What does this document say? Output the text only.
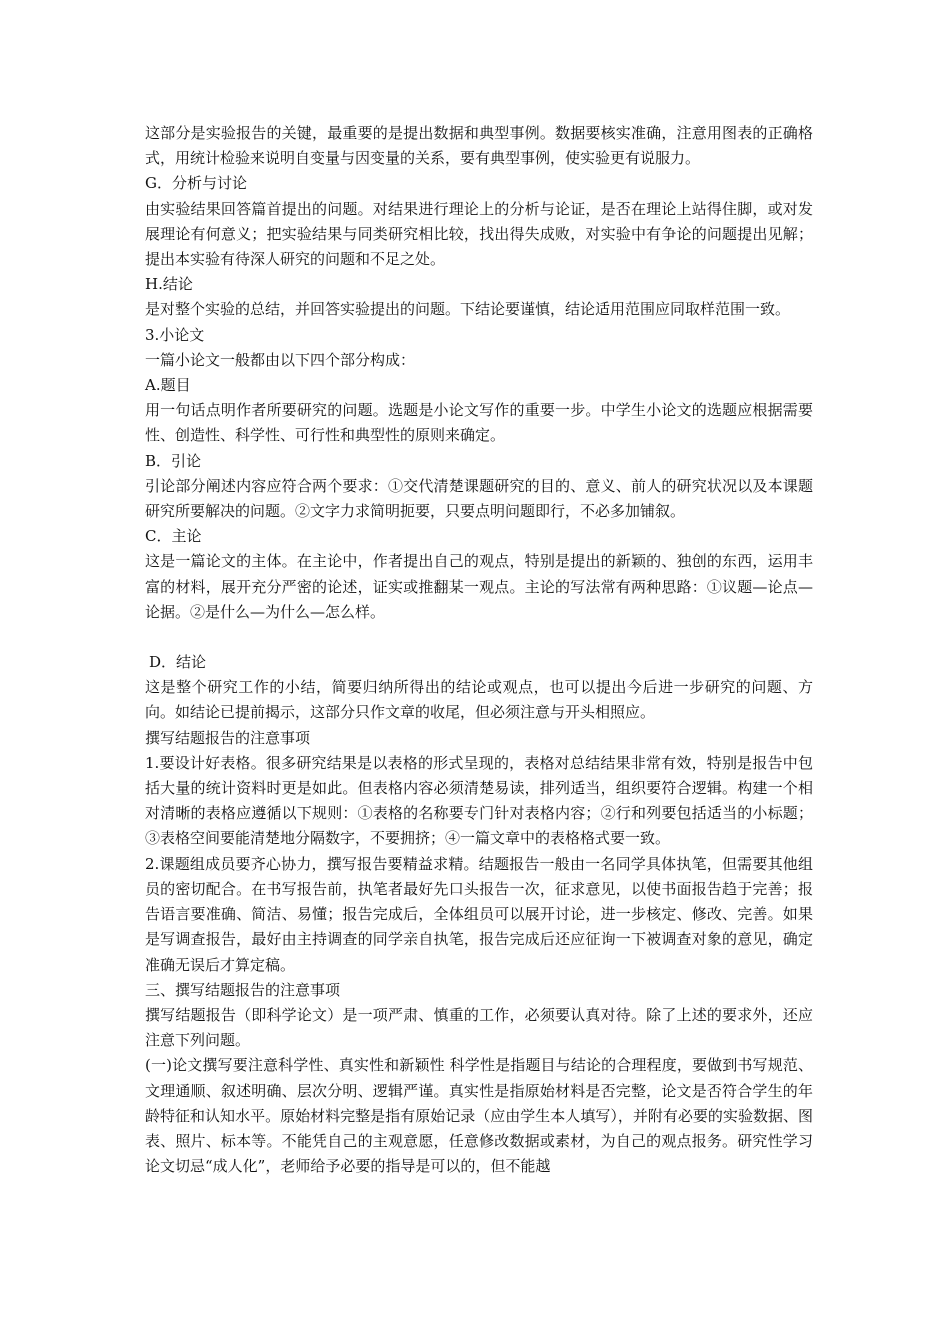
这部分是实验报告的关键，最重要的是提出数据和典型事例。数据要核实准确，注意用图表的正确格式，用统计检验来说明自变量与因变量的关系，要有典型事例，使实验更有说服力。

G．分析与讨论

由实验结果回答篇首提出的问题。对结果进行理论上的分析与论证，是否在理论上站得住脚，或对发展理论有何意义；把实验结果与同类研究相比较，找出得失成败，对实验中有争论的问题提出见解；提出本实验有待深人研究的问题和不足之处。

H.结论

是对整个实验的总结，并回答实验提出的问题。下结论要谨慎，结论适用范围应同取样范围一致。

3.小论文

一篇小论文一般都由以下四个部分构成：

A.题目

用一句话点明作者所要研究的问题。选题是小论文写作的重要一步。中学生小论文的选题应根据需要性、创造性、科学性、可行性和典型性的原则来确定。

B．引论

引论部分阐述内容应符合两个要求：①交代清楚课题研究的目的、意义、前人的研究状况以及本课题研究所要解决的问题。②文字力求简明扼要，只要点明问题即行，不必多加铺叙。

C．主论

这是一篇论文的主体。在主论中，作者提出自己的观点，特别是提出的新颖的、独创的东西，运用丰富的材料，展开充分严密的论述，证实或推翻某一观点。主论的写法常有两种思路：①议题—论点—论据。②是什么—为什么—怎么样。

D．结论

这是整个研究工作的小结，简要归纳所得出的结论或观点，也可以提出今后进一步研究的问题、方向。如结论已提前揭示，这部分只作文章的收尾，但必须注意与开头相照应。

撰写结题报告的注意事项

1.要设计好表格。很多研究结果是以表格的形式呈现的，表格对总结结果非常有效，特别是报告中包括大量的统计资料时更是如此。但表格内容必须清楚易读，排列适当，组织要符合逻辑。构建一个相对清晰的表格应遵循以下规则：①表格的名称要专门针对表格内容；②行和列要包括适当的小标题；③表格空间要能清楚地分隔数字，不要拥挤；④一篇文章中的表格格式要一致。

2.课题组成员要齐心协力，撰写报告要精益求精。结题报告一般由一名同学具体执笔，但需要其他组员的密切配合。在书写报告前，执笔者最好先口头报告一次，征求意见，以使书面报告趋于完善；报告语言要准确、简洁、易懂；报告完成后，全体组员可以展开讨论，进一步核定、修改、完善。如果是写调查报告，最好由主持调查的同学亲自执笔，报告完成后还应征询一下被调查对象的意见，确定准确无误后才算定稿。

三、撰写结题报告的注意事项

撰写结题报告（即科学论文）是一项严肃、慎重的工作，必须要认真对待。除了上述的要求外，还应注意下列问题。

(一)论文撰写要注意科学性、真实性和新颖性 科学性是指题目与结论的合理程度，要做到书写规范、文理通顺、叙述明确、层次分明、逻辑严谨。真实性是指原始材料是否完整，论文是否符合学生的年龄特征和认知水平。原始材料完整是指有原始记录（应由学生本人填写），并附有必要的实验数据、图表、照片、标本等。不能凭自己的主观意愿，任意修改数据或素材，为自己的观点报务。研究性学习论文切忌“成人化”，老师给予必要的指导是可以的，但不能越
